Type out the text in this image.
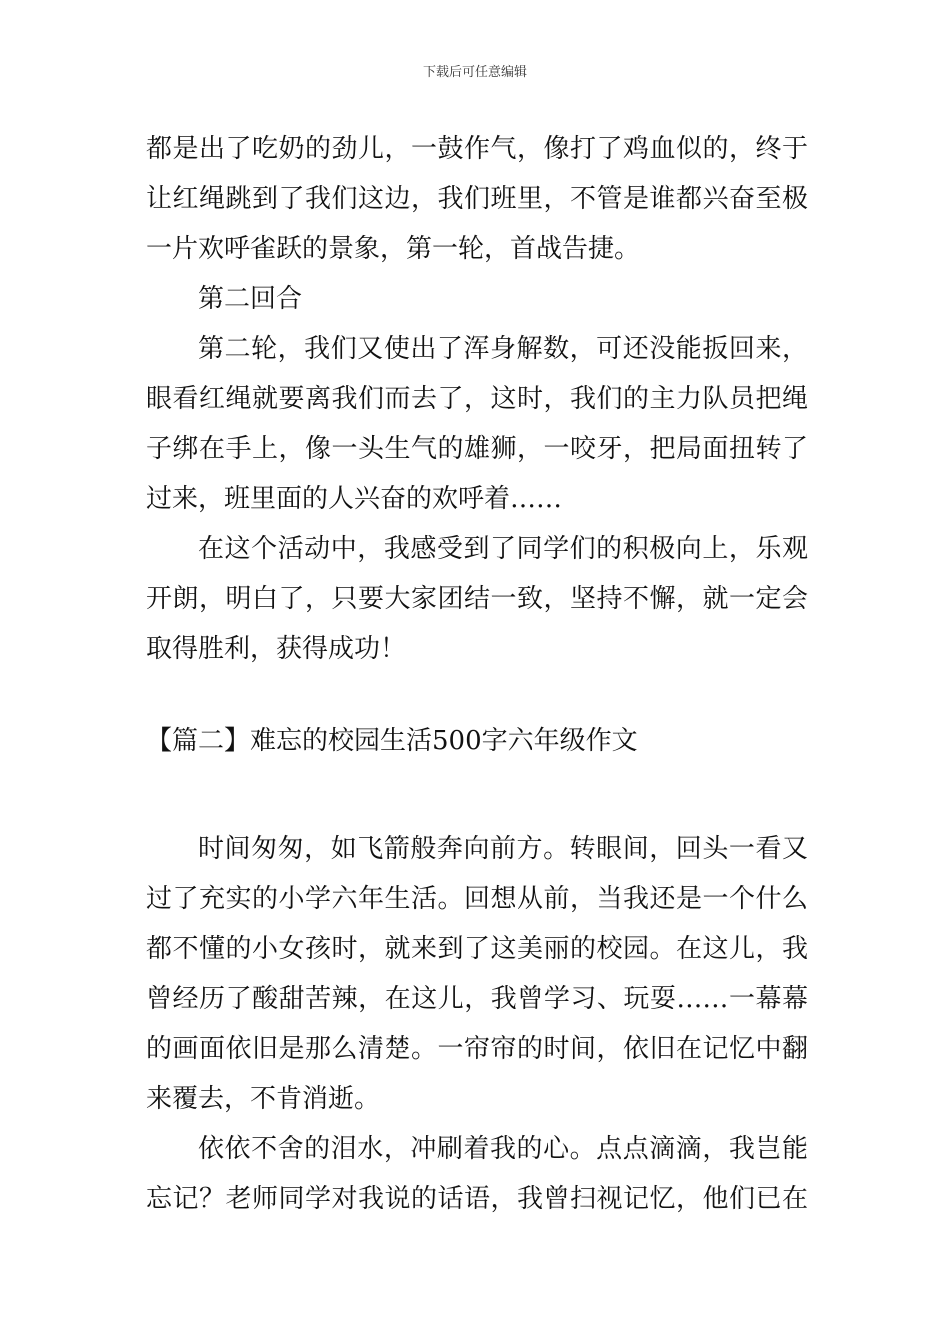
下载后可任意编辑
都是出了吃奶的劲儿，一鼓作气，像打了鸡血似的，终于
让红绳跳到了我们这边，我们班里，不管是谁都兴奋至极
一片欢呼雀跃的景象，第一轮，首战告捷。
第二回合
第二轮，我们又使出了浑身解数，可还没能扳回来，
眼看红绳就要离我们而去了，这时，我们的主力队员把绳
子绑在手上，像一头生气的雄狮，一咬牙，把局面扭转了
过来，班里面的人兴奋的欢呼着……
在这个活动中，我感受到了同学们的积极向上，乐观
开朗，明白了，只要大家团结一致，坚持不懈，就一定会
取得胜利，获得成功！
【篇二】难忘的校园生活500字六年级作文
时间匆匆，如飞箭般奔向前方。转眼间，回头一看又
过了充实的小学六年生活。回想从前，当我还是一个什么
都不懂的小女孩时，就来到了这美丽的校园。在这儿，我
曾经历了酸甜苦辣，在这儿，我曾学习、玩耍……一幕幕
的画面依旧是那么清楚。一帘帘的时间，依旧在记忆中翻
来覆去，不肯消逝。
依依不舍的泪水，冲刷着我的心。点点滴滴，我岂能
忘记？老师同学对我说的话语，我曾扫视记忆，他们已在
